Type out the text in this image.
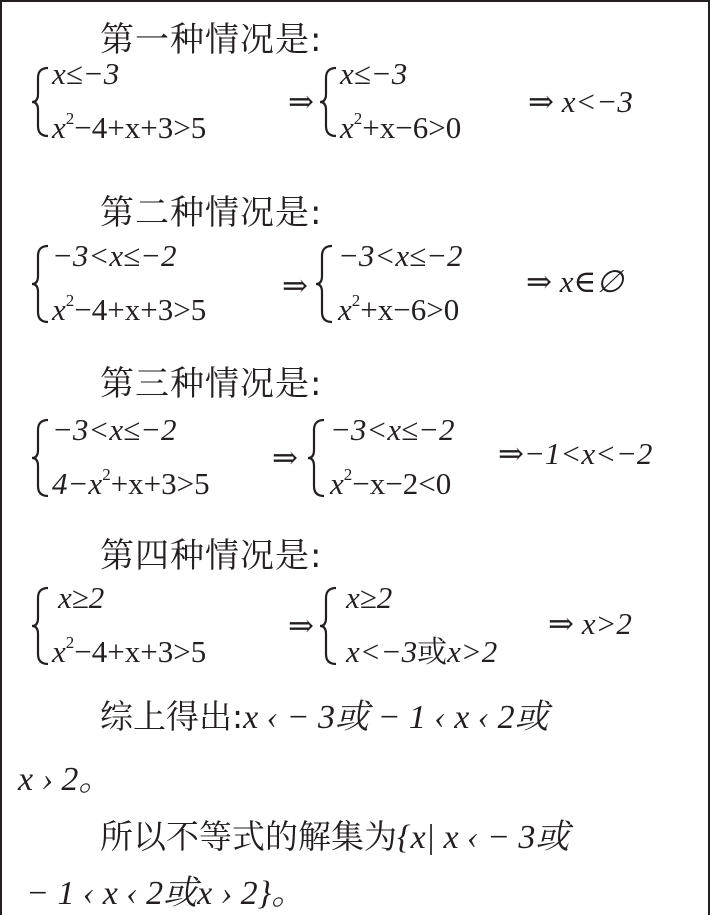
第一种情况是:
x≤−3
$x^2-4+x+3>5$
⇒
x≤−3
$x^2+x-6>0$
⇒ x<−3
第二种情况是:
−3<x≤−2
$x^2-4+x+3>5$
⇒
−3<x≤−2
$x^2+x-6>0$
⇒ x∈∅
第三种情况是:
−3<x≤−2
$4-x^2+x+3>5$
⇒
−3<x≤−2
$x^2-x-2<0$
⇒−1<x<−2
第四种情况是:
x≥2
$x^2-4+x+3>5$
⇒
x≥2
x<−3或x>2
⇒ x>2
综上得出:x ‹ − 3或 − 1 ‹ x ‹ 2或
x › 2。
所以不等式的解集为{x| x ‹ − 3或
− 1 ‹ x ‹ 2或x › 2}。
